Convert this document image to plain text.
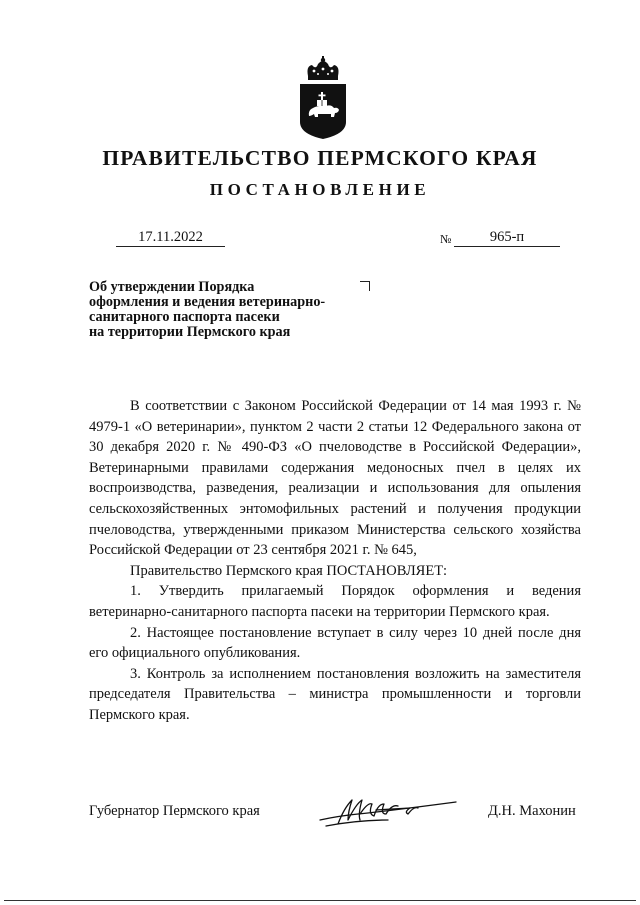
ПРАВИТЕЛЬСТВО ПЕРМСКОГО КРАЯ
ПОСТАНОВЛЕНИЕ
17.11.2022	№	965-п
Об утверждении Порядка
оформления и ведения ветеринарно-
санитарного паспорта пасеки
на территории Пермского края

В соответствии с Законом Российской Федерации от 14 мая 1993 г. № 4979-1 «О ветеринарии», пунктом 2 части 2 статьи 12 Федерального закона от 30 декабря 2020 г. № 490-ФЗ «О пчеловодстве в Российской Федерации», Ветеринарными правилами содержания медоносных пчел в целях их воспроизводства, разведения, реализации и использования для опыления сельскохозяйственных энтомофильных растений и получения продукции пчеловодства, утвержденными приказом Министерства сельского хозяйства Российской Федерации от 23 сентября 2021 г. № 645,

Правительство Пермского края ПОСТАНОВЛЯЕТ:

1. Утвердить прилагаемый Порядок оформления и ведения ветеринарно-санитарного паспорта пасеки на территории Пермского края.

2. Настоящее постановление вступает в силу через 10 дней после дня его официального опубликования.

3. Контроль за исполнением постановления возложить на заместителя председателя Правительства – министра промышленности и торговли Пермского края.

Губернатор Пермского края	Д.Н. Махонин
